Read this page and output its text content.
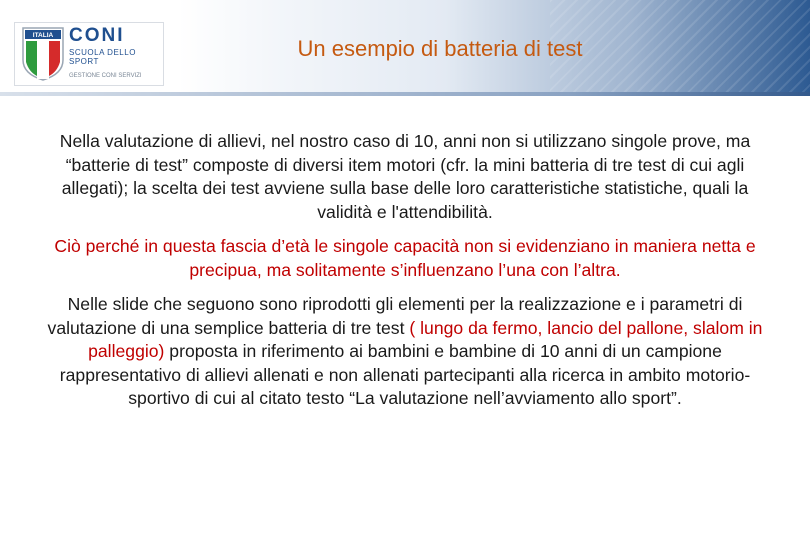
ITALIA CONI
SCUOLA DELLO SPORT
GESTIONE CONI SERVIZI
Un esempio di batteria di test

Nella valutazione di allievi, nel nostro caso di 10, anni non si utilizzano singole prove, ma “batterie di test” composte di diversi item motori (cfr. la mini batteria di tre test di cui agli allegati); la scelta dei test avviene sulla base delle loro caratteristiche statistiche, quali la validità e l'attendibilità.

Ciò perché in questa fascia d’età le singole capacità non si evidenziano in maniera netta e precipua, ma solitamente s’influenzano l’una con l’altra.

Nelle slide che seguono sono riprodotti gli elementi per la realizzazione e i parametri di valutazione di una semplice batteria di tre test ( lungo da fermo, lancio del pallone, slalom in palleggio) proposta in riferimento ai bambini e bambine di 10 anni di un campione rappresentativo di allievi allenati e non allenati partecipanti alla ricerca in ambito motorio-sportivo di cui al citato testo “La valutazione nell’avviamento allo sport”.
